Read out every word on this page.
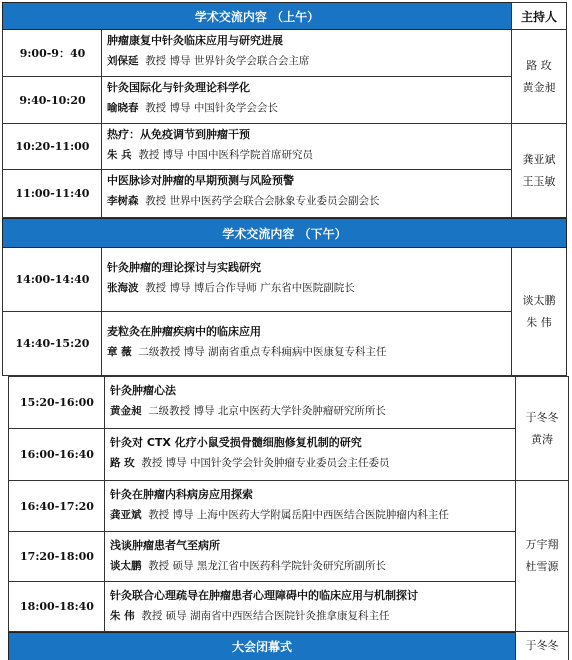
学术交流内容 （上午）	主持人
9:00-9：40
肿瘤康复中针灸临床应用与研究进展
刘保延 教授 博导 世界针灸学会联合会主席
9:40-10:20
针灸国际化与针灸理论科学化
喻晓春 教授 博导 中国针灸学会会长
路 玫
黄金昶
10:20-11:00
热疗：从免疫调节到肿瘤干预
朱 兵 教授 博导 中国中医科学院首席研究员
11:00-11:40
中医脉诊对肿瘤的早期预测与风险预警
李树森 教授 世界中医药学会联合会脉象专业委员会副会长
龚亚斌
王玉敏
学术交流内容 （下午）
14:00-14:40
针灸肿瘤的理论探讨与实践研究
张海波 教授 博导 博后合作导师 广东省中医院副院长
14:40-15:20
麦粒灸在肿瘤疾病中的临床应用
章 薇 二级教授 博导 湖南省重点专科痈病中医康复专科主任
谈太鹏
朱 伟
15:20-16:00
针灸肿瘤心法
黄金昶 二级教授 博导 北京中医药大学针灸肿瘤研究所所长
16:00-16:40
针灸对 CTX 化疗小鼠受损骨髓细胞修复机制的研究
路 玫 教授 博导 中国针灸学会针灸肿瘤专业委员会主任委员
于冬冬
黄涛
16:40-17:20
针灸在肿瘤内科病房应用探索
龚亚斌 教授 博导 上海中医药大学附属岳阳中西医结合医院肿瘤内科主任
17:20-18:00
浅谈肿瘤患者气至病所
谈太鹏 教授 硕导 黑龙江省中医药科学院针灸研究所副所长
18:00-18:40
针灸联合心理疏导在肿瘤患者心理障碍中的临床应用与机制探讨
朱 伟 教授 硕导 湖南省中西医结合医院针灸推拿康复科主任
万宇翔
杜雪源
大会闭幕式	于冬冬
